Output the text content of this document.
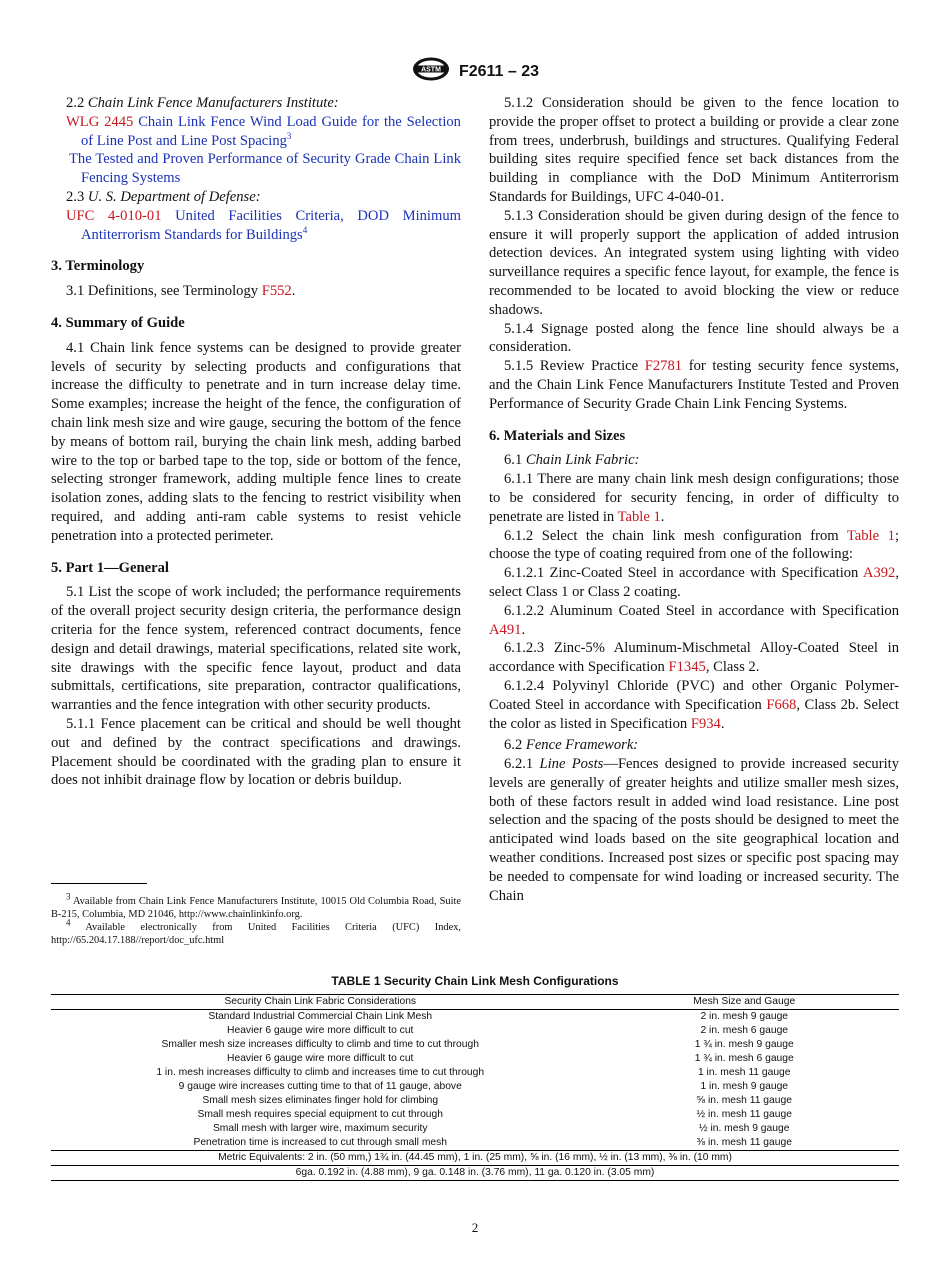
ASTM F2611 – 23

2.2 Chain Link Fence Manufacturers Institute:

WLG 2445 Chain Link Fence Wind Load Guide for the Selection of Line Post and Line Post Spacing$^3$

The Tested and Proven Performance of Security Grade Chain Link Fencing Systems

2.3 U. S. Department of Defense:

UFC 4-010-01 United Facilities Criteria, DOD Minimum Antiterrorism Standards for Buildings$^4$

3. Terminology

3.1 Definitions, see Terminology F552.

4. Summary of Guide

4.1 Chain link fence systems can be designed to provide greater levels of security by selecting products and configurations that increase the difficulty to penetrate and in turn increase delay time. Some examples; increase the height of the fence, the configuration of chain link mesh size and wire gauge, securing the bottom of the fence by means of bottom rail, burying the chain link mesh, adding barbed wire to the top or barbed tape to the top, side or bottom of the fence, selecting stronger framework, adding multiple fence lines to create isolation zones, adding slats to the fencing to restrict visibility when required, and adding anti-ram cable systems to resist vehicle penetration into a protected perimeter.

5. Part 1—General

5.1 List the scope of work included; the performance requirements of the overall project security design criteria, the performance design criteria for the fence system, referenced contract documents, fence design and detail drawings, material specifications, related site work, site drawings with the specific fence layout, product and data submittals, certifications, site preparation, contractor qualifications, warranties and the fence integration with other security products.

5.1.1 Fence placement can be critical and should be well thought out and defined by the contract specifications and drawings. Placement should be coordinated with the grading plan to ensure it does not inhibit drainage flow by location or debris buildup.

$^3$ Available from Chain Link Fence Manufacturers Institute, 10015 Old Columbia Road, Suite B-215, Columbia, MD 21046, http://www.chainlinkinfo.org.

$^4$ Available electronically from United Facilities Criteria (UFC) Index, http://65.204.17.188//report/doc_ufc.html

5.1.2 Consideration should be given to the fence location to provide the proper offset to protect a building or provide a clear zone from trees, underbrush, buildings and structures. Qualifying Federal building sites require specified fence set back distances from the building in compliance with the DoD Minimum Antiterrorism Standards for Buildings, UFC 4-040-01.

5.1.3 Consideration should be given during design of the fence to ensure it will properly support the application of added intrusion detection devices. An integrated system using lighting with video surveillance requires a specific fence layout, for example, the fence is recommended to be located to avoid blocking the view or reduce shadows.

5.1.4 Signage posted along the fence line should always be a consideration.

5.1.5 Review Practice F2781 for testing security fence systems, and the Chain Link Fence Manufacturers Institute Tested and Proven Performance of Security Grade Chain Link Fencing Systems.

6. Materials and Sizes

6.1 Chain Link Fabric:

6.1.1 There are many chain link mesh design configurations; those to be considered for security fencing, in order of difficulty to penetrate are listed in Table 1.

6.1.2 Select the chain link mesh configuration from Table 1; choose the type of coating required from one of the following:

6.1.2.1 Zinc-Coated Steel in accordance with Specification A392, select Class 1 or Class 2 coating.

6.1.2.2 Aluminum Coated Steel in accordance with Specification A491.

6.1.2.3 Zinc-5% Aluminum-Mischmetal Alloy-Coated Steel in accordance with Specification F1345, Class 2.

6.1.2.4 Polyvinyl Chloride (PVC) and other Organic Polymer-Coated Steel in accordance with Specification F668, Class 2b. Select the color as listed in Specification F934.

6.2 Fence Framework:

6.2.1 Line Posts—Fences designed to provide increased security levels are generally of greater heights and utilize smaller mesh sizes, both of these factors result in added wind load resistance. Line post selection and the spacing of the posts should be designed to meet the anticipated wind loads based on the site geographical location and weather conditions. Increased post sizes or specific post spacing may be needed to compensate for wind loading or increased security. The Chain

TABLE 1 Security Chain Link Mesh Configurations
Security Chain Link Fabric Considerations	Mesh Size and Gauge
Standard Industrial Commercial Chain Link Mesh	2 in. mesh 9 gauge
Heavier 6 gauge wire more difficult to cut	2 in. mesh 6 gauge
Smaller mesh size increases difficulty to climb and time to cut through	1 ¾ in. mesh 9 gauge
Heavier 6 gauge wire more difficult to cut	1 ¾ in. mesh 6 gauge
1 in. mesh increases difficulty to climb and increases time to cut through	1 in. mesh 11 gauge
9 gauge wire increases cutting time to that of 11 gauge, above	1 in. mesh 9 gauge
Small mesh sizes eliminates finger hold for climbing	⅝ in. mesh 11 gauge
Small mesh requires special equipment to cut through	½ in. mesh 11 gauge
Small mesh with larger wire, maximum security	½ in. mesh 9 gauge
Penetration time is increased to cut through small mesh	⅜ in. mesh 11 gauge
Metric Equivalents: 2 in. (50 mm,) 1¾ in. (44.45 mm), 1 in. (25 mm), ⅝ in. (16 mm), ½ in. (13 mm), ⅜ in. (10 mm)	
6ga. 0.192 in. (4.88 mm), 9 ga. 0.148 in. (3.76 mm), 11 ga. 0.120 in. (3.05 mm)	
2
